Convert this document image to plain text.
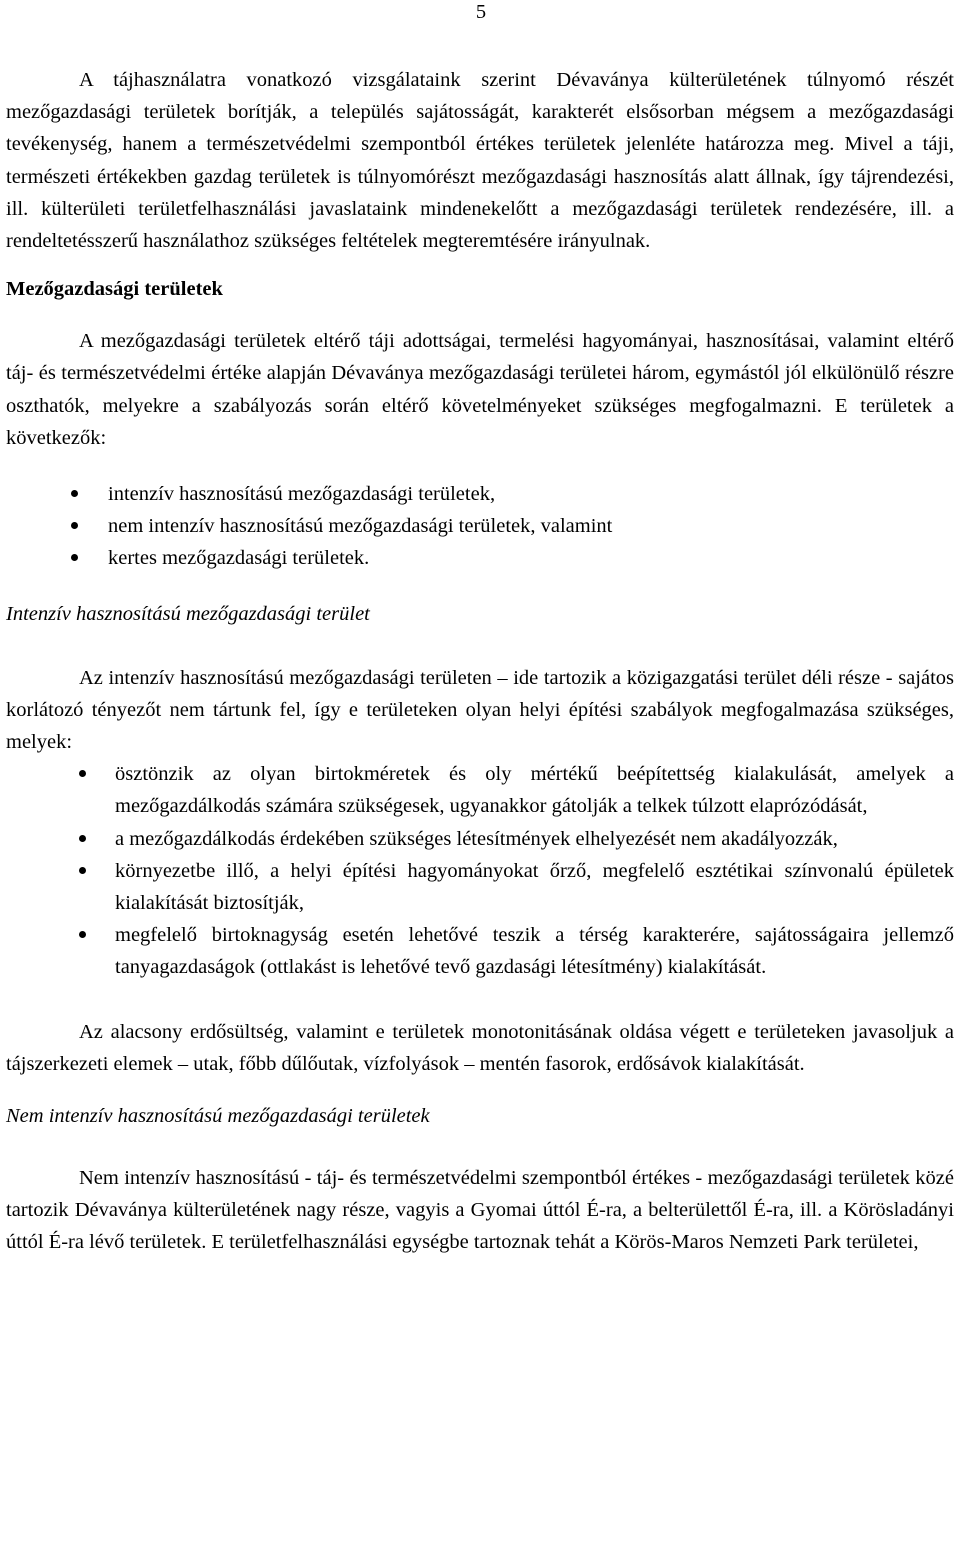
5

A tájhasználatra vonatkozó vizsgálataink szerint Dévaványa külterületének túlnyomó részét mezőgazdasági területek borítják, a település sajátosságát, karakterét elsősorban mégsem a mezőgazdasági tevékenység, hanem a természetvédelmi szempontból értékes területek jelenléte határozza meg. Mivel a táji, természeti értékekben gazdag területek is túlnyomórészt mezőgazdasági hasznosítás alatt állnak, így tájrendezési, ill. külterületi területfelhasználási javaslataink mindenekelőtt a mezőgazdasági területek rendezésére, ill. a rendeltetésszerű használathoz szükséges feltételek megteremtésére irányulnak.

Mezőgazdasági területek

A mezőgazdasági területek eltérő táji adottságai, termelési hagyományai, hasznosításai, valamint eltérő táj- és természetvédelmi értéke alapján Dévaványa mezőgazdasági területei három, egymástól jól elkülönülő részre oszthatók, melyekre a szabályozás során eltérő követelményeket szükséges megfogalmazni. E területek a következők:

intenzív hasznosítású mezőgazdasági területek,
nem intenzív hasznosítású mezőgazdasági területek, valamint
kertes mezőgazdasági területek.

Intenzív hasznosítású mezőgazdasági terület

Az intenzív hasznosítású mezőgazdasági területen – ide tartozik a közigazgatási terület déli része - sajátos korlátozó tényezőt nem tártunk fel, így e területeken olyan helyi építési szabályok megfogalmazása szükséges, melyek:

ösztönzik az olyan birtokméretek és oly mértékű beépítettség kialakulását, amelyek a mezőgazdálkodás számára szükségesek, ugyanakkor gátolják a telkek túlzott elaprózódását,
a mezőgazdálkodás érdekében szükséges létesítmények elhelyezését nem akadályozzák,
környezetbe illő, a helyi építési hagyományokat őrző, megfelelő esztétikai színvonalú épületek kialakítását biztosítják,
megfelelő birtoknagyság esetén lehetővé teszik a térség karakterére, sajátosságaira jellemző tanyagazdaságok (ottlakást is lehetővé tevő gazdasági létesítmény) kialakítását.

Az alacsony erdősültség, valamint e területek monotonitásának oldása végett e területeken javasoljuk a tájszerkezeti elemek – utak, főbb dűlőutak, vízfolyások – mentén fasorok, erdősávok kialakítását.

Nem intenzív hasznosítású mezőgazdasági területek

Nem intenzív hasznosítású - táj- és természetvédelmi szempontból értékes - mezőgazdasági területek közé tartozik Dévaványa külterületének nagy része, vagyis a Gyomai úttól É-ra, a belterülettől É-ra, ill. a Körösladányi úttól É-ra lévő területek. E területfelhasználási egységbe tartoznak tehát a Körös-Maros Nemzeti Park területei,
